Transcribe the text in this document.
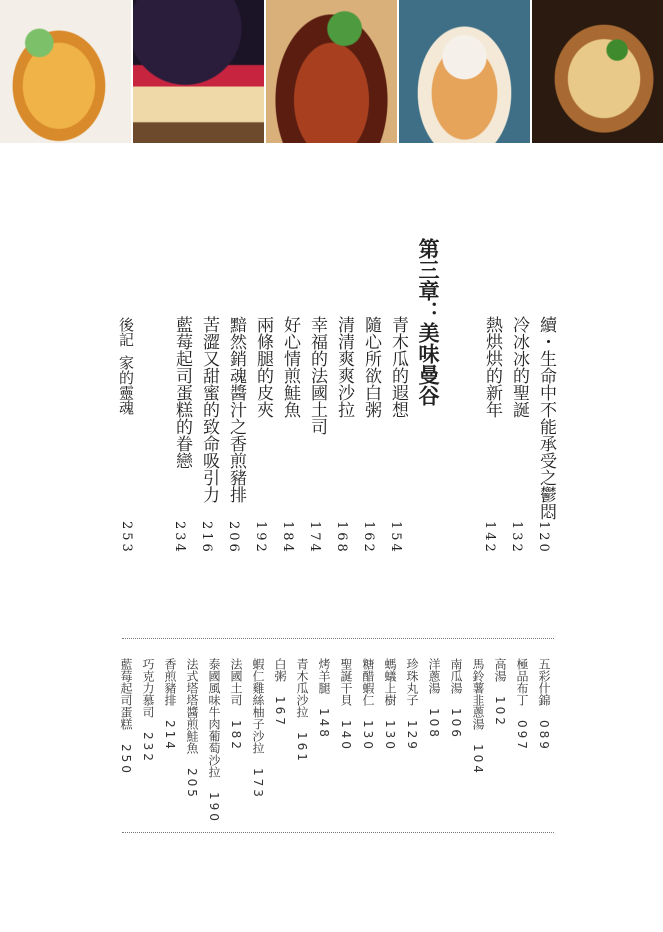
續・生命中不能承受之鬱悶
120
冷冰冰的聖誕
132
熱烘烘的新年
142
第三章：美味曼谷
青木瓜的遐想
154
隨心所欲白粥
162
清清爽爽沙拉
168
幸福的法國土司
174
好心情煎鮭魚
184
兩條腿的皮夾
192
黯然銷魂醬汁之香煎豬排
206
苦澀又甜蜜的致命吸引力
216
藍莓起司蛋糕的眷戀
234
後記家的靈魂
253
五彩什錦089
極品布丁097
高湯102
馬鈴薯韭蔥湯104
南瓜湯106
洋蔥湯108
珍珠丸子129
螞蟻上樹130
糖醋蝦仁130
聖誕干貝140
烤羊腿148
青木瓜沙拉161
白粥167
蝦仁雞絲柚子沙拉173
法國土司182
泰國風味牛肉葡萄沙拉190
法式塔塔醬煎鮭魚205
香煎豬排214
巧克力慕司232
藍莓起司蛋糕250
